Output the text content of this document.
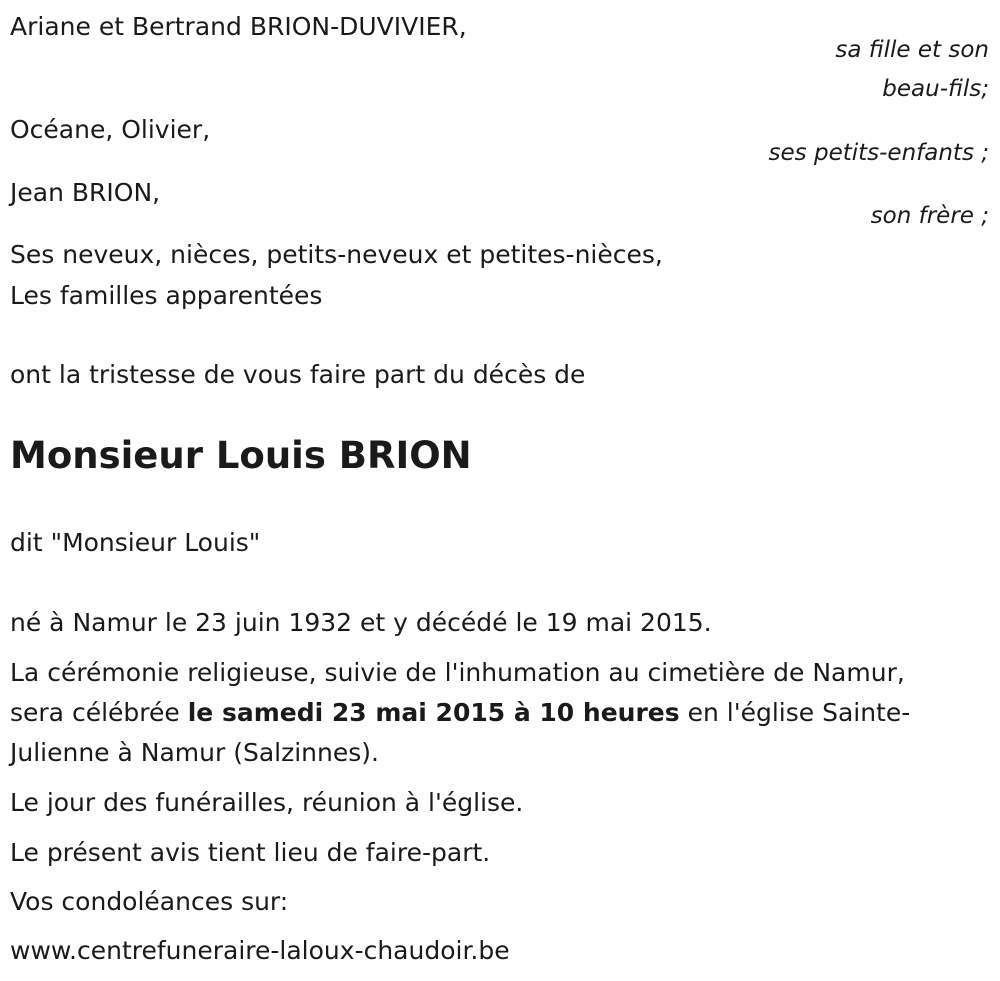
Ariane et Bertrand BRION-DUVIVIER,
sa fille et son
beau-fils;
Océane, Olivier,
ses petits-enfants ;
Jean BRION,
son frère ;
Ses neveux, nièces, petits-neveux et petites-nièces,
Les familles apparentées
ont la tristesse de vous faire part du décès de
Monsieur Louis BRION
dit "Monsieur Louis"
né à Namur le 23 juin 1932 et y décédé le 19 mai 2015.
La cérémonie religieuse, suivie de l'inhumation au cimetière de Namur,
sera célébrée le samedi 23 mai 2015 à 10 heures en l'église Sainte-
Julienne à Namur (Salzinnes).
Le jour des funérailles, réunion à l'église.
Le présent avis tient lieu de faire-part.
Vos condoléances sur:
www.centrefuneraire-laloux-chaudoir.be
